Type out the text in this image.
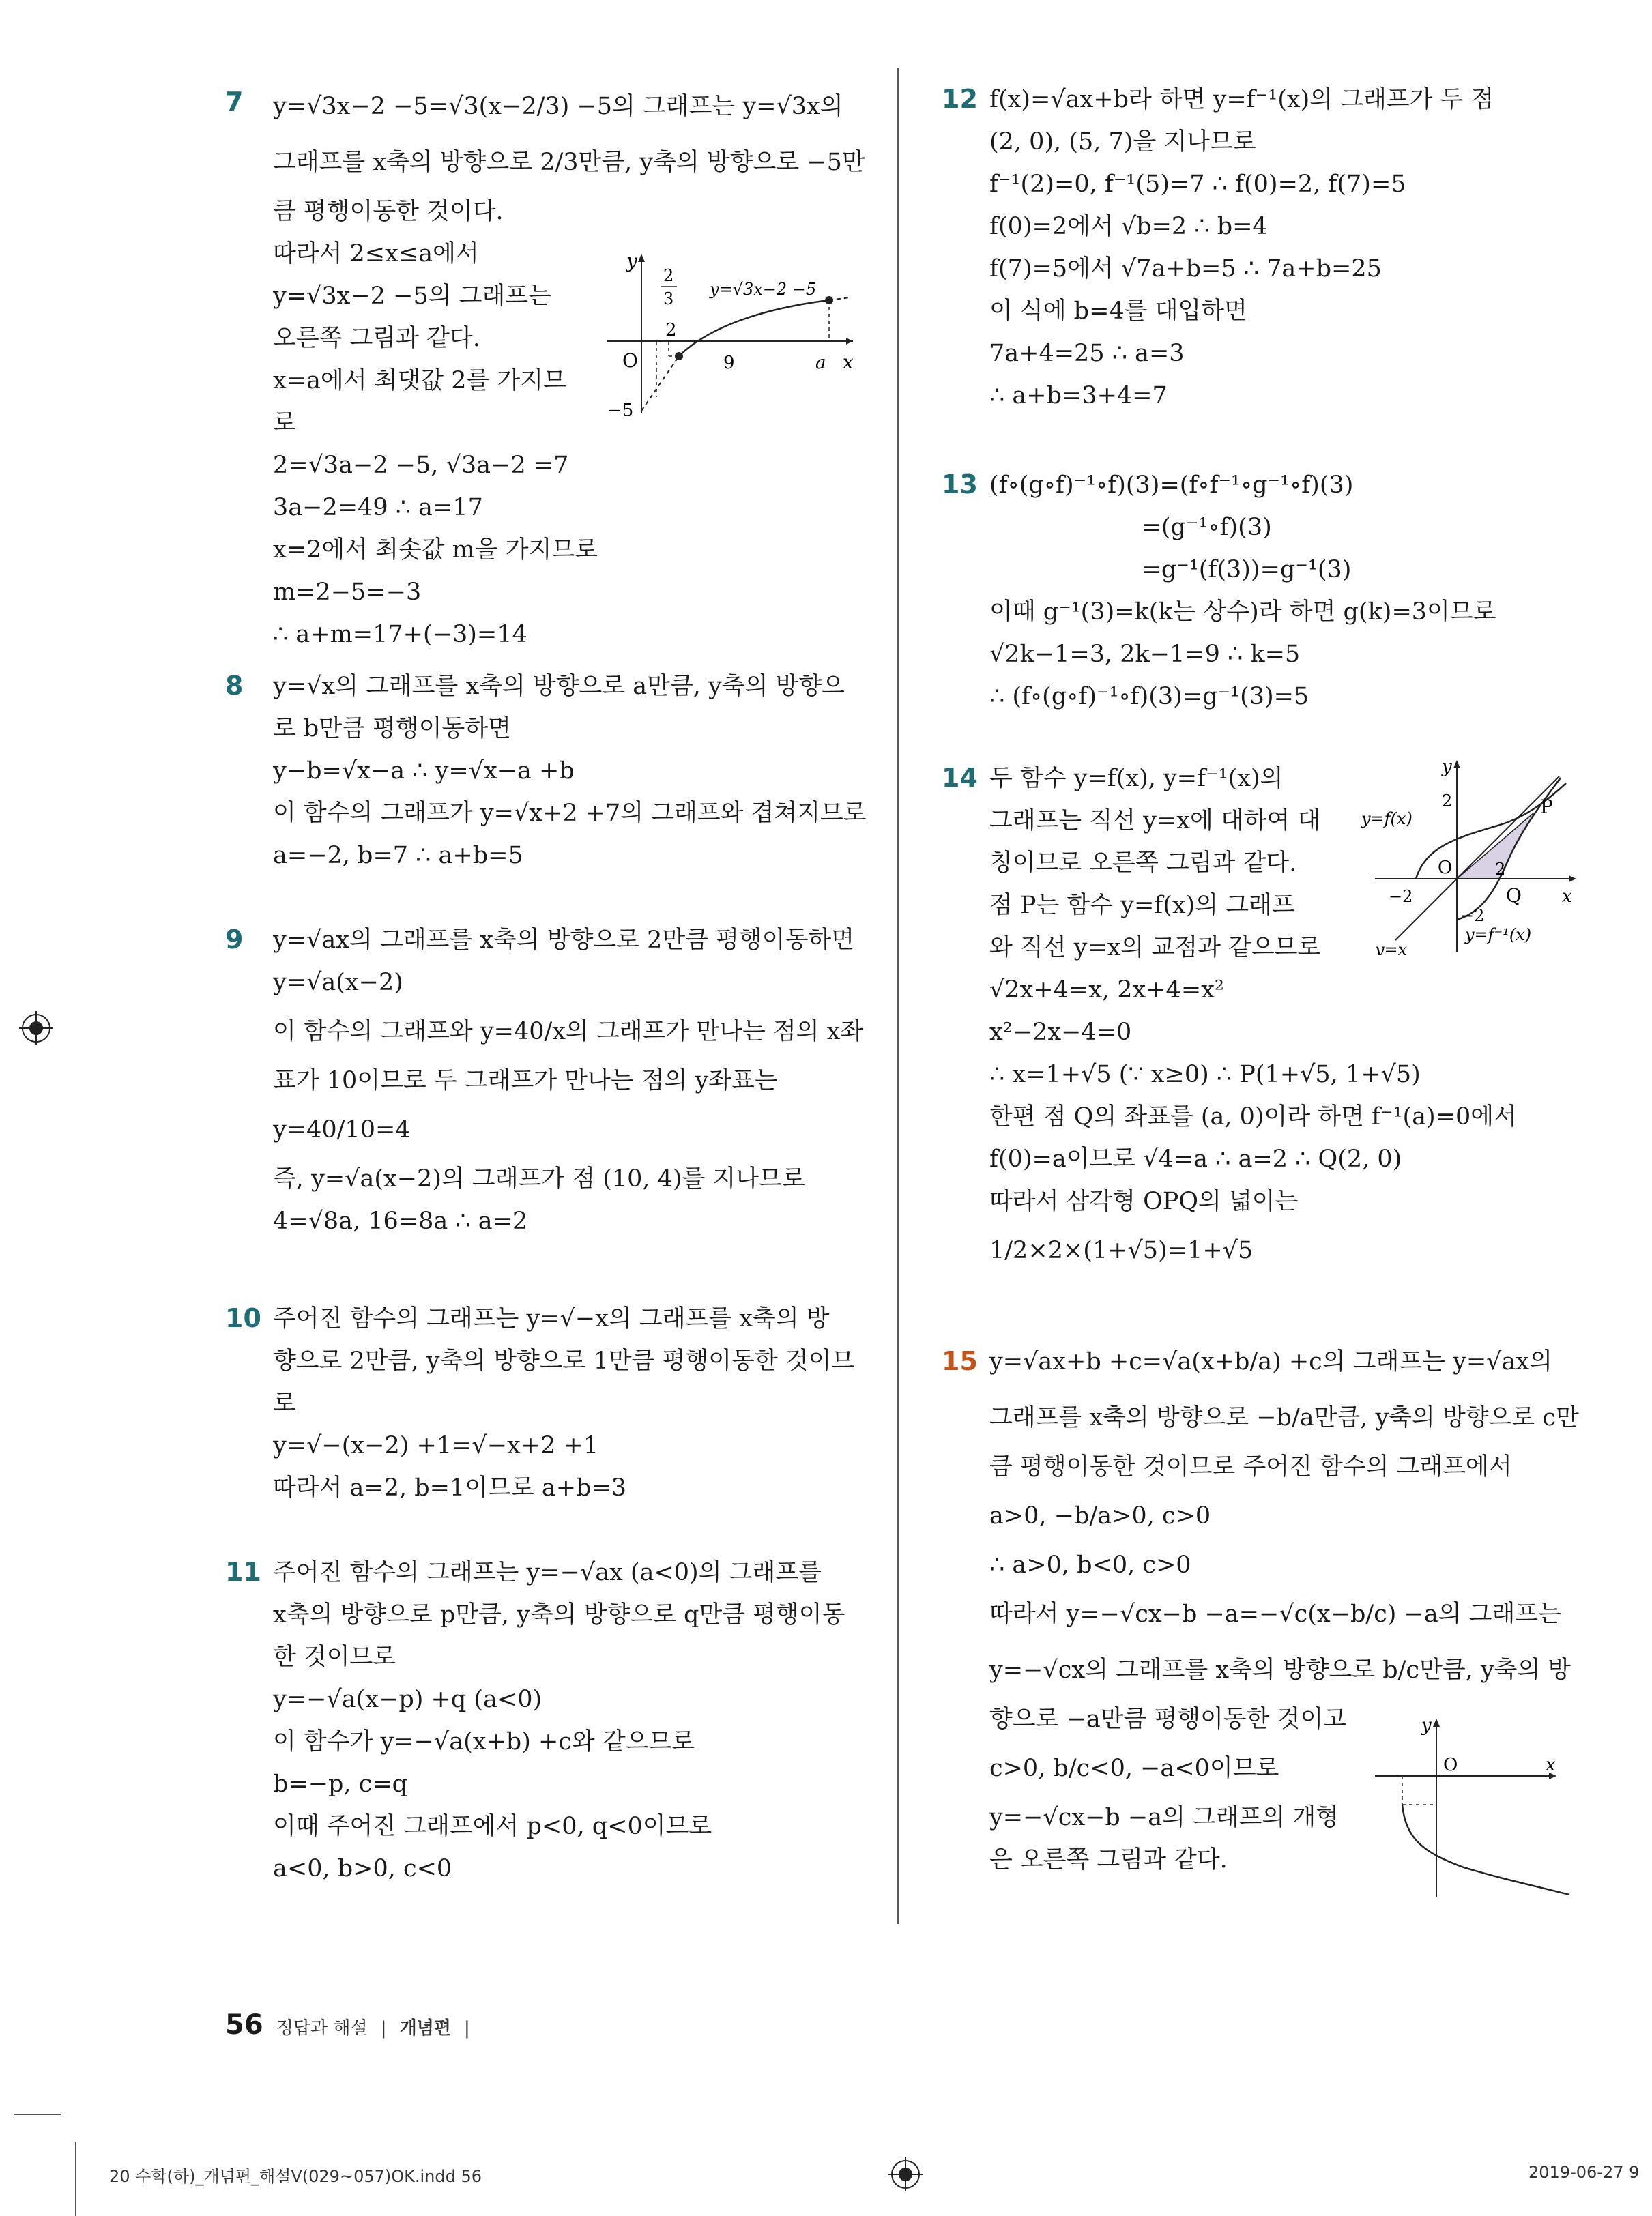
7 y=√3x−2 −5=√3(x−2/3) −5의 그래프는 y=√3x의
그래프를 x축의 방향으로 2/3만큼, y축의 방향으로 −5만
큼 평행이동한 것이다.
따라서 2≤x≤a에서
y=√3x−2 −5의 그래프는
오른쪽 그림과 같다.
x=a에서 최댓값 2를 가지므
로
2=√3a−2 −5, √3a−2 =7
3a−2=49 ∴ a=17
x=2에서 최솟값 m을 가지므로
m=2−5=−3
∴ a+m=17+(−3)=14
y
x
O
2
3
2
9	a
−5
y=√3x−2 −5
8 y=√x의 그래프를 x축의 방향으로 a만큼, y축의 방향으
로 b만큼 평행이동하면
y−b=√x−a ∴ y=√x−a +b
이 함수의 그래프가 y=√x+2 +7의 그래프와 겹쳐지므로
a=−2, b=7 ∴ a+b=5
9 y=√ax의 그래프를 x축의 방향으로 2만큼 평행이동하면
y=√a(x−2)
이 함수의 그래프와 y=40/x의 그래프가 만나는 점의 x좌
표가 10이므로 두 그래프가 만나는 점의 y좌표는
y=40/10=4
즉, y=√a(x−2)의 그래프가 점 (10, 4)를 지나므로
4=√8a, 16=8a ∴ a=2
10 주어진 함수의 그래프는 y=√−x의 그래프를 x축의 방
향으로 2만큼, y축의 방향으로 1만큼 평행이동한 것이므
로
y=√−(x−2) +1=√−x+2 +1
따라서 a=2, b=1이므로 a+b=3
11 주어진 함수의 그래프는 y=−√ax (a<0)의 그래프를
x축의 방향으로 p만큼, y축의 방향으로 q만큼 평행이동
한 것이므로
y=−√a(x−p) +q (a<0)
이 함수가 y=−√a(x+b) +c와 같으므로
b=−p, c=q
이때 주어진 그래프에서 p<0, q<0이므로
a<0, b>0, c<0
12 f(x)=√ax+b라 하면 y=f⁻¹(x)의 그래프가 두 점
(2, 0), (5, 7)을 지나므로
f⁻¹(2)=0, f⁻¹(5)=7 ∴ f(0)=2, f(7)=5
f(0)=2에서 √b=2 ∴ b=4
f(7)=5에서 √7a+b=5 ∴ 7a+b=25
이 식에 b=4를 대입하면
7a+4=25 ∴ a=3
∴ a+b=3+4=7
13 (f∘(g∘f)⁻¹∘f)(3)=(f∘f⁻¹∘g⁻¹∘f)(3)
=(g⁻¹∘f)(3)
=g⁻¹(f(3))=g⁻¹(3)
이때 g⁻¹(3)=k(k는 상수)라 하면 g(k)=3이므로
√2k−1=3, 2k−1=9 ∴ k=5
∴ (f∘(g∘f)⁻¹∘f)(3)=g⁻¹(3)=5
14 두 함수 y=f(x), y=f⁻¹(x)의
그래프는 직선 y=x에 대하여 대
칭이므로 오른쪽 그림과 같다.
점 P는 함수 y=f(x)의 그래프
와 직선 y=x의 교점과 같으므로
√2x+4=x, 2x+4=x²
x²−2x−4=0
∴ x=1+√5 (∵ x≥0) ∴ P(1+√5, 1+√5)
한편 점 Q의 좌표를 (a, 0)이라 하면 f⁻¹(a)=0에서
f(0)=a이므로 √4=a ∴ a=2 ∴ Q(2, 0)
따라서 삼각형 OPQ의 넓이는
1/2×2×(1+√5)=1+√5
y
x
O
y=f(x)
y=f⁻¹(x)
y=x
P
Q
2
2
−2
−2
15 y=√ax+b +c=√a(x+b/a) +c의 그래프는 y=√ax의
그래프를 x축의 방향으로 −b/a만큼, y축의 방향으로 c만
큼 평행이동한 것이므로 주어진 함수의 그래프에서
a>0, −b/a>0, c>0
∴ a>0, b<0, c>0
따라서 y=−√cx−b −a=−√c(x−b/c) −a의 그래프는
y=−√cx의 그래프를 x축의 방향으로 b/c만큼, y축의 방
향으로 −a만큼 평행이동한 것이고
c>0, b/c<0, −a<0이므로
y=−√cx−b −a의 그래프의 개형
은 오른쪽 그림과 같다.
y
x
O
56 정답과 해설 | 개념편 |
20 수학(하)_개념편_해설Ⅴ(029~057)OK.indd 56	2019-06-27 9
